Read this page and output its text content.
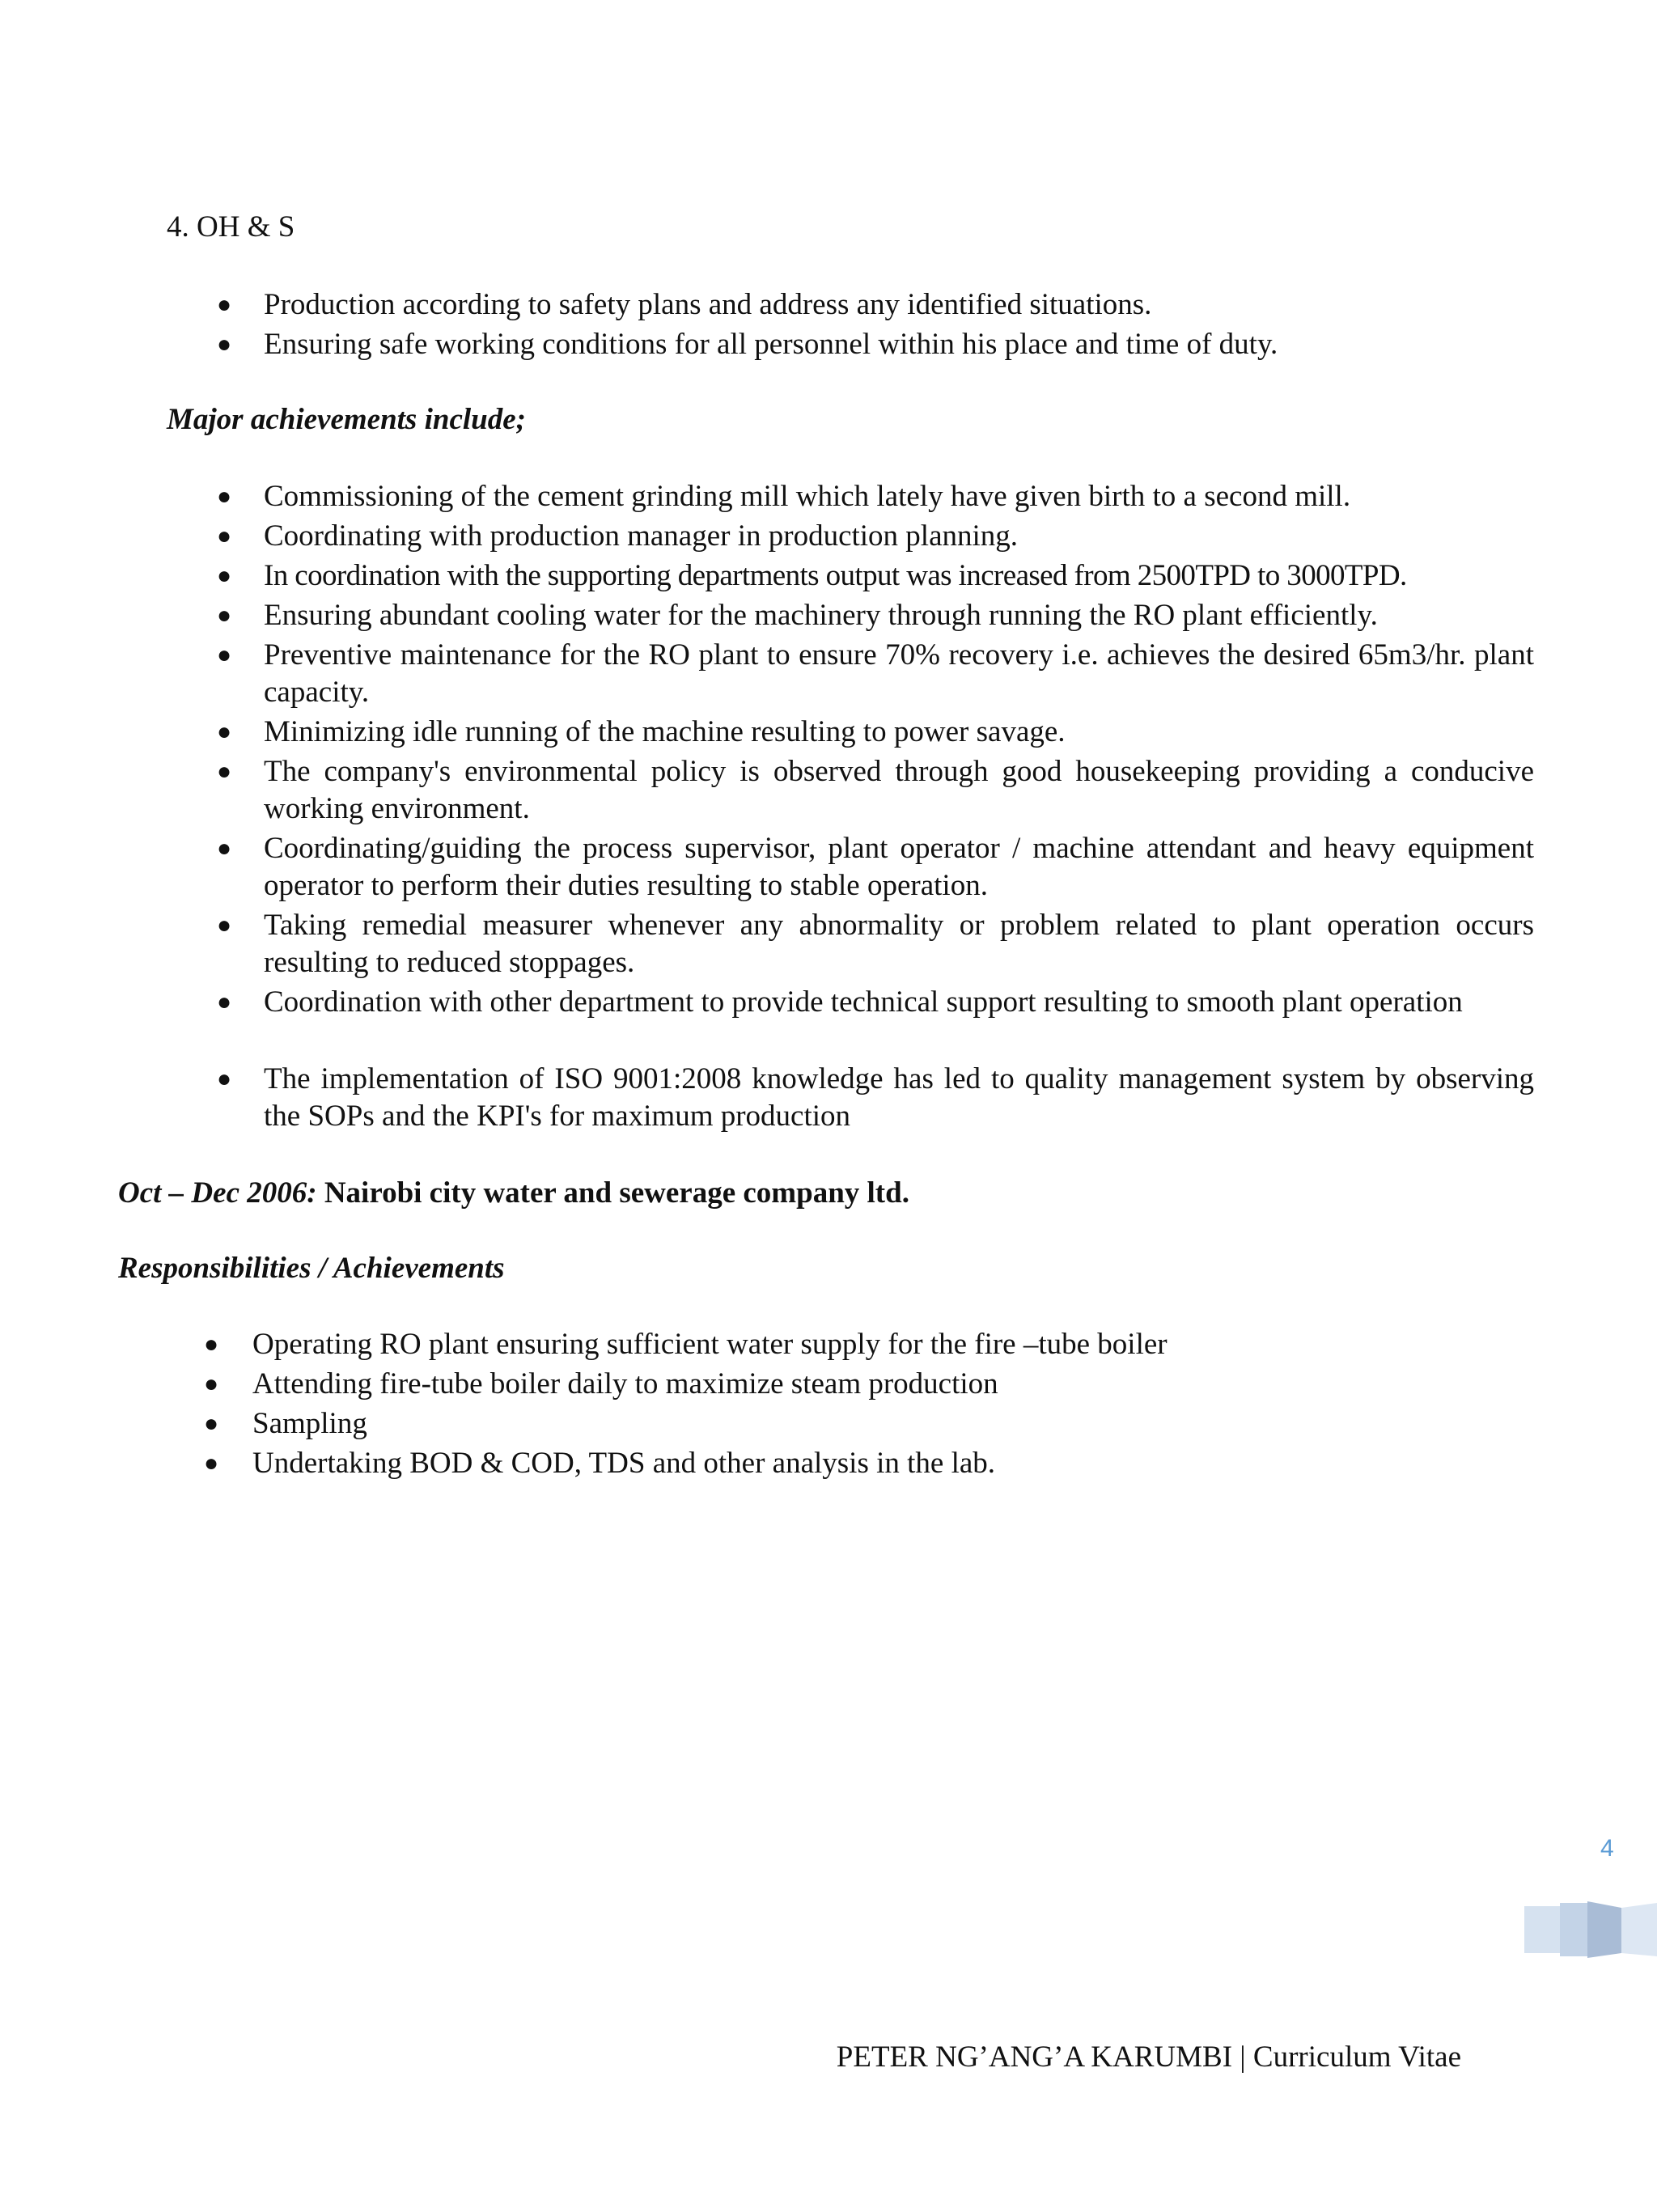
4. OH & S
● Production according to safety plans and address any identified situations.
● Ensuring safe working conditions for all personnel within his place and time of duty.
Major achievements include;
● Commissioning of the cement grinding mill which lately have given birth to a second mill.
● Coordinating with production manager in production planning.
● In coordination with the supporting departments output was increased from 2500TPD to 3000TPD.
● Ensuring abundant cooling water for the machinery through running the RO plant efficiently.
● Preventive maintenance for the RO plant to ensure 70% recovery i.e. achieves the desired 65m3/hr. plant capacity.
● Minimizing idle running of the machine resulting to power savage.
● The company's environmental policy is observed through good housekeeping providing a conducive working environment.
● Coordinating/guiding the process supervisor, plant operator / machine attendant and heavy equipment operator to perform their duties resulting to stable operation.
● Taking remedial measurer whenever any abnormality or problem related to plant operation occurs resulting to reduced stoppages.
● Coordination with other department to provide technical support resulting to smooth plant operation
● The implementation of ISO 9001:2008 knowledge has led to quality management system by observing the SOPs and the KPI's for maximum production
Oct – Dec 2006: Nairobi city water and sewerage company ltd.
Responsibilities / Achievements
● Operating RO plant ensuring sufficient water supply for the fire –tube boiler
● Attending fire-tube boiler daily to maximize steam production
● Sampling
● Undertaking BOD & COD, TDS and other analysis in the lab.
4
PETER NG’ANG’A KARUMBI | Curriculum Vitae
